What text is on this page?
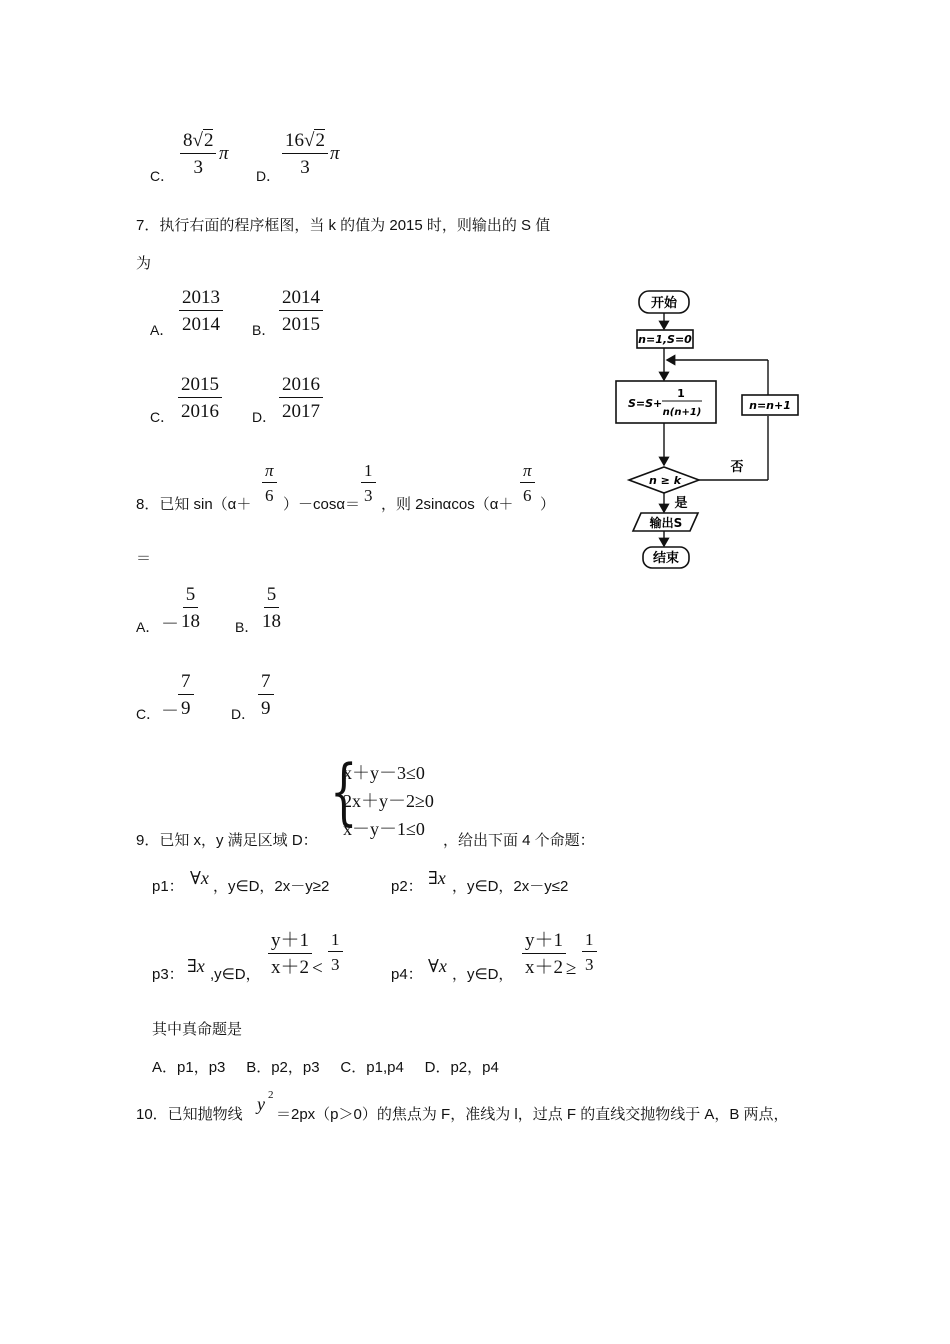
C． $\frac{8√2}{3}$ π
D． $\frac{16√2}{3}$ π
7．执行右面的程序框图，当 k 的值为 2015 时，则输出的 S 值
为
A． $\frac{2013}{2014}$ B． $\frac{2014}{2015}$
C． $\frac{2015}{2016}$ D． $\frac{2016}{2017}$
开始
n=1,S=0
S=S+
1
n(n+1)
n ≥ k
否
n=n+1
是
输出S
结束
8．已知 sin（α＋
$\frac{\pi}{6}$
）－cosα＝
$\frac{1}{3}$
，则 2sinαcos（α＋
$\frac{\pi}{6}$
）
＝
A． － $\frac{5}{18}$ B． $\frac{5}{18}$
C． － $\frac{7}{9}$	D． $\frac{7}{9}$
9．已知 x，y 满足区域 D：
{
x＋y－3≤0
2x＋y－2≥0
x－y－1≤0
，给出下面 4 个命题：
p1： ∀x ，y∈D，2x－y≥2	p2： ∃x ，y∈D，2x－y≤2
p3： ∃x ,y∈D， $\frac{y+1}{x+2} < \frac{1}{3}$
p4： ∀x ，y∈D， $\frac{y+1}{x+2} \ge \frac{1}{3}$
其中真命题是
A．p1，p3     B．p2，p3     C．p1,p4     D．p2，p4
10．已知抛物线
y 2
＝2px（p＞0）的焦点为 F，准线为 l，过点 F 的直线交抛物线于 A，B 两点，
